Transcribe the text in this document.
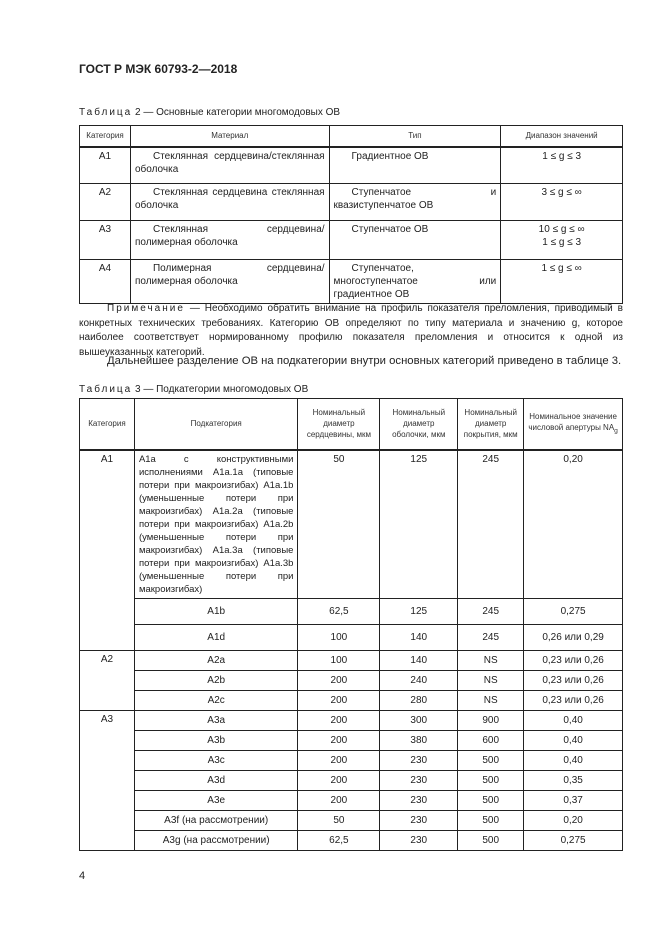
ГОСТ Р МЭК 60793-2—2018
Таблица 2 — Основные категории многомодовых ОВ
Категория	Материал	Тип	Диапазон значений
А1	Стеклянная сердцевина/стеклянная оболочка	Градиентное ОВ	1 ≤ g ≤ 3

А2	Стеклянная сердцевина стеклянная оболочка	Ступенчатое и квазиступенчатое ОВ	3 ≤ g ≤ ∞

А3	Стеклянная сердцевина/полимерная оболочка	Ступенчатое ОВ	10 ≤ g ≤ ∞
1 ≤ g ≤ 3

А4	Полимерная сердцевина/полимерная оболочка	Ступенчатое, многоступенчатое или градиентное ОВ	1 ≤ g ≤ ∞
Примечание — Необходимо обратить внимание на профиль показателя преломления, приводимый в конкретных технических требованиях. Категорию ОВ определяют по типу материала и значению g, которое наиболее соответствует нормированному профилю показателя преломления и относится к одной из вышеуказанных категорий.
Дальнейшее разделение ОВ на подкатегории внутри основных категорий приведено в таблице 3.
Таблица 3 — Подкатегории многомодовых ОВ
Категория	Подкатегория	Номинальный диаметр сердцевины, мкм	Номинальный диаметр оболочки, мкм	Номинальный диаметр покрытия, мкм	Номинальное значение числовой апертуры $NA_g$
А1	А1а с конструктивными исполнениями А1а.1а (типовые потери при макроизгибах) А1а.1b (уменьшенные потери при макроизгибах) А1а.2а (типовые потери при макроизгибах) А1а.2b (уменьшенные потери при макроизгибах) А1а.3а (типовые потери при макроизгибах) А1а.3b (уменьшенные потери при макроизгибах)	50	125	245	0,20
	А1b	62,5	125	245	0,275
	А1d	100	140	245	0,26 или 0,29
А2	А2а	100	140	NS	0,23 или 0,26
	А2b	200	240	NS	0,23 или 0,26
	А2с	200	280	NS	0,23 или 0,26
А3	А3а	200	300	900	0,40
	А3b	200	380	600	0,40
	А3с	200	230	500	0,40
	А3d	200	230	500	0,35
	А3е	200	230	500	0,37
	А3f (на рассмотрении)	50	230	500	0,20
	А3g (на рассмотрении)	62,5	230	500	0,275
4
